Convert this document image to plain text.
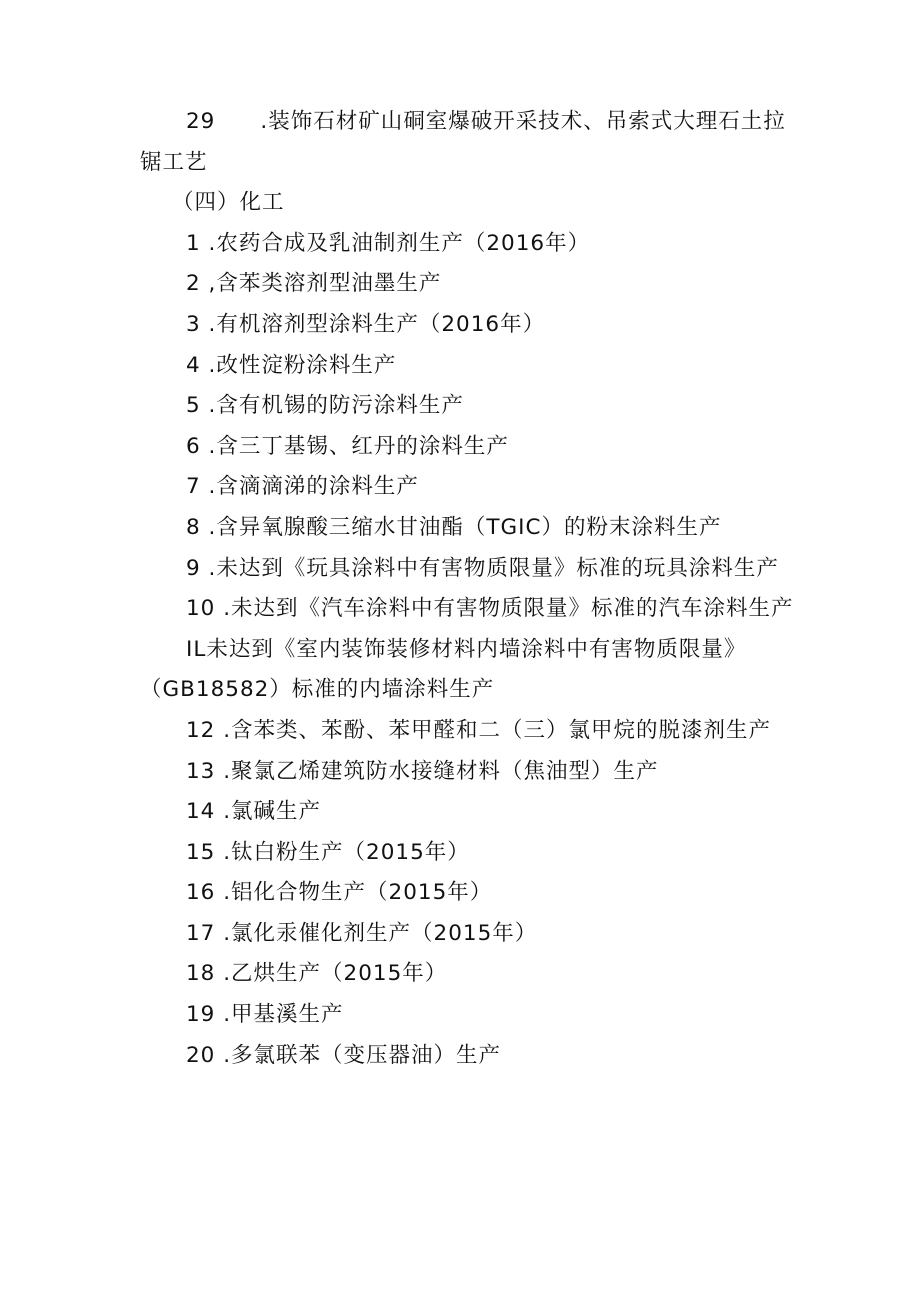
29　　.装饰石材矿山硐室爆破开采技术、吊索式大理石土拉锯工艺

（四）化工

1 .农药合成及乳油制剂生产（2016年）

2 ,含苯类溶剂型油墨生产

3 .有机溶剂型涂料生产（2016年）

4 .改性淀粉涂料生产

5 .含有机锡的防污涂料生产

6 .含三丁基锡、红丹的涂料生产

7 .含滴滴涕的涂料生产

8 .含异氧腺酸三缩水甘油酯（TGIC）的粉末涂料生产

9 .未达到《玩具涂料中有害物质限量》标准的玩具涂料生产

10 .未达到《汽车涂料中有害物质限量》标准的汽车涂料生产

IL未达到《室内装饰装修材料内墙涂料中有害物质限量》（GB18582）标准的内墙涂料生产

12 .含苯类、苯酚、苯甲醛和二（三）氯甲烷的脱漆剂生产

13 .聚氯乙烯建筑防水接缝材料（焦油型）生产

14 .氯碱生产

15 .钛白粉生产（2015年）

16 .铝化合物生产（2015年）

17 .氯化汞催化剂生产（2015年）

18 .乙烘生产（2015年）

19 .甲基溪生产

20 .多氯联苯（变压器油）生产
